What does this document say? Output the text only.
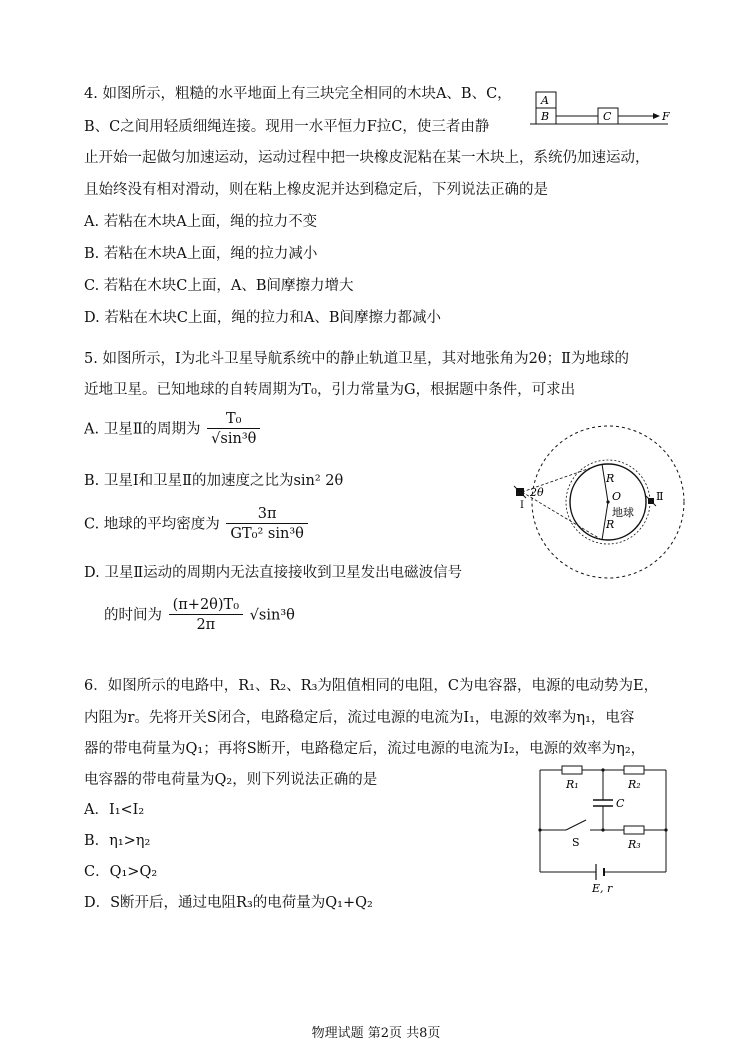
4. 如图所示，粗糙的水平地面上有三块完全相同的木块A、B、C，
B、C之间用轻质细绳连接。现用一水平恒力F拉C，使三者由静
止开始一起做匀加速运动，运动过程中把一块橡皮泥粘在某一木块上，系统仍加速运动，
且始终没有相对滑动，则在粘上橡皮泥并达到稳定后，下列说法正确的是
A. 若粘在木块A上面，绳的拉力不变
B. 若粘在木块A上面，绳的拉力减小
C. 若粘在木块C上面，A、B间摩擦力增大
D. 若粘在木块C上面，绳的拉力和A、B间摩擦力都减小
A
B	C	F
5. 如图所示，Ⅰ为北斗卫星导航系统中的静止轨道卫星，其对地张角为2θ；Ⅱ为地球的
近地卫星。已知地球的自转周期为T₀，引力常量为G，根据题中条件，可求出
A. 卫星Ⅱ的周期为 $\frac{\text{T₀}}{\text{√sin³θ}}$
B. 卫星Ⅰ和卫星Ⅱ的加速度之比为sin² 2θ
C. 地球的平均密度为 $\frac{3\pi}{\text{GT₀² sin³θ}}$
D. 卫星Ⅱ运动的周期内无法直接接收到卫星发出电磁波信号
的时间为 $\frac{\text{(π+2θ)T₀}}{2\pi} √\sin^3\theta$
2θ
Ⅰ
Ⅱ
R
R
O
地球
6．如图所示的电路中，R₁、R₂、R₃为阻值相同的电阻，C为电容器，电源的电动势为E，
内阻为r。先将开关S闭合，电路稳定后，流过电源的电流为I₁，电源的效率为η₁，电容
器的带电荷量为Q₁；再将S断开，电路稳定后，流过电源的电流为I₂，电源的效率为η₂，
电容器的带电荷量为Q₂，则下列说法正确的是
A．I₁<I₂
B．η₁>η₂
C．Q₁>Q₂
D．S断开后，通过电阻R₃的电荷量为Q₁+Q₂
R₁	R₂
C
S	R₃
E, r
物理试题 第2页 共8页
